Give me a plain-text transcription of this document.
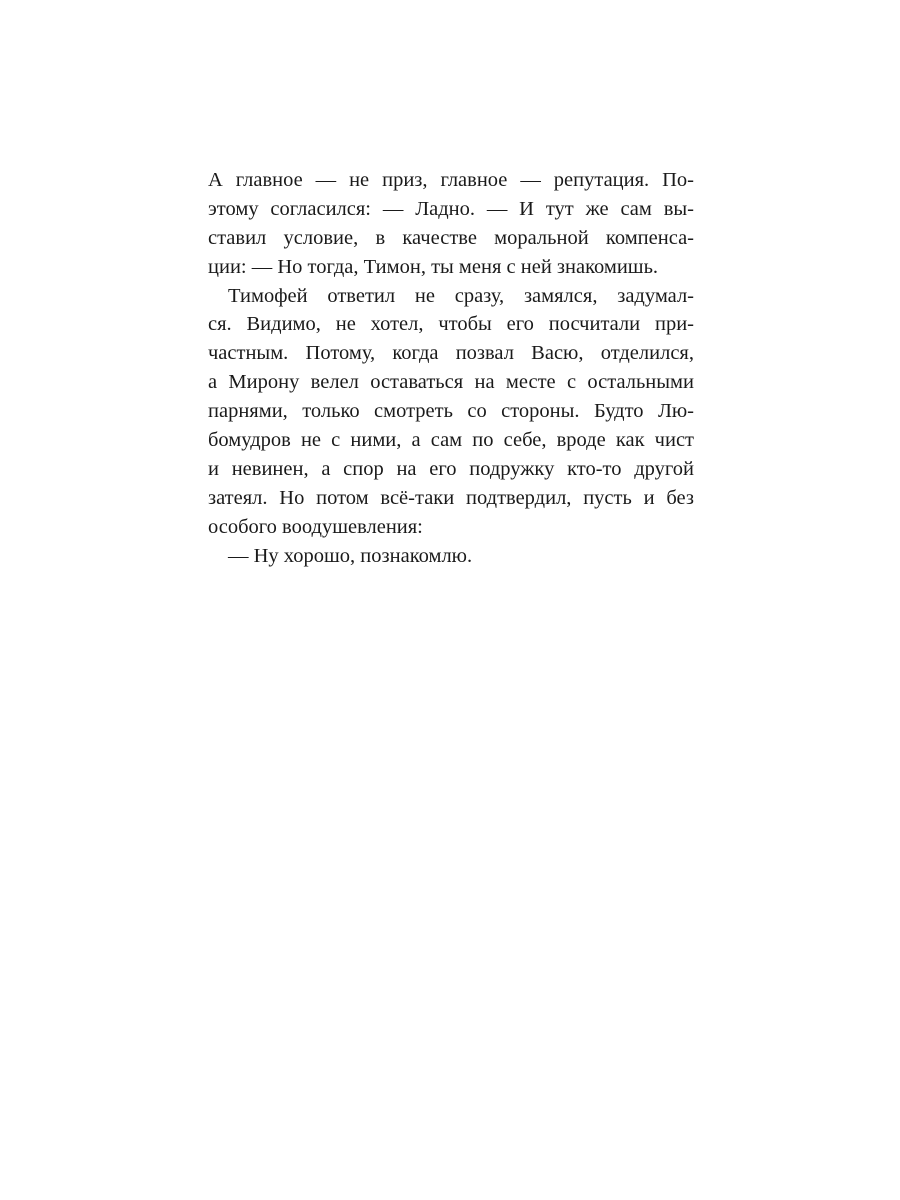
А главное — не приз, главное — репутация. По-
этому согласился: — Ладно. — И тут же сам вы-
ставил условие, в качестве моральной компенса-
ции: — Но тогда, Тимон, ты меня с ней знакомишь.
Тимофей ответил не сразу, замялся, задумал-
ся. Видимо, не хотел, чтобы его посчитали при-
частным. Потому, когда позвал Васю, отделился,
а Мирону велел оставаться на месте с остальными
парнями, только смотреть со стороны. Будто Лю-
бомудров не с ними, а сам по себе, вроде как чист
и невинен, а спор на его подружку кто-то другой
затеял. Но потом всё-таки подтвердил, пусть и без
особого воодушевления:
— Ну хорошо, познакомлю.
